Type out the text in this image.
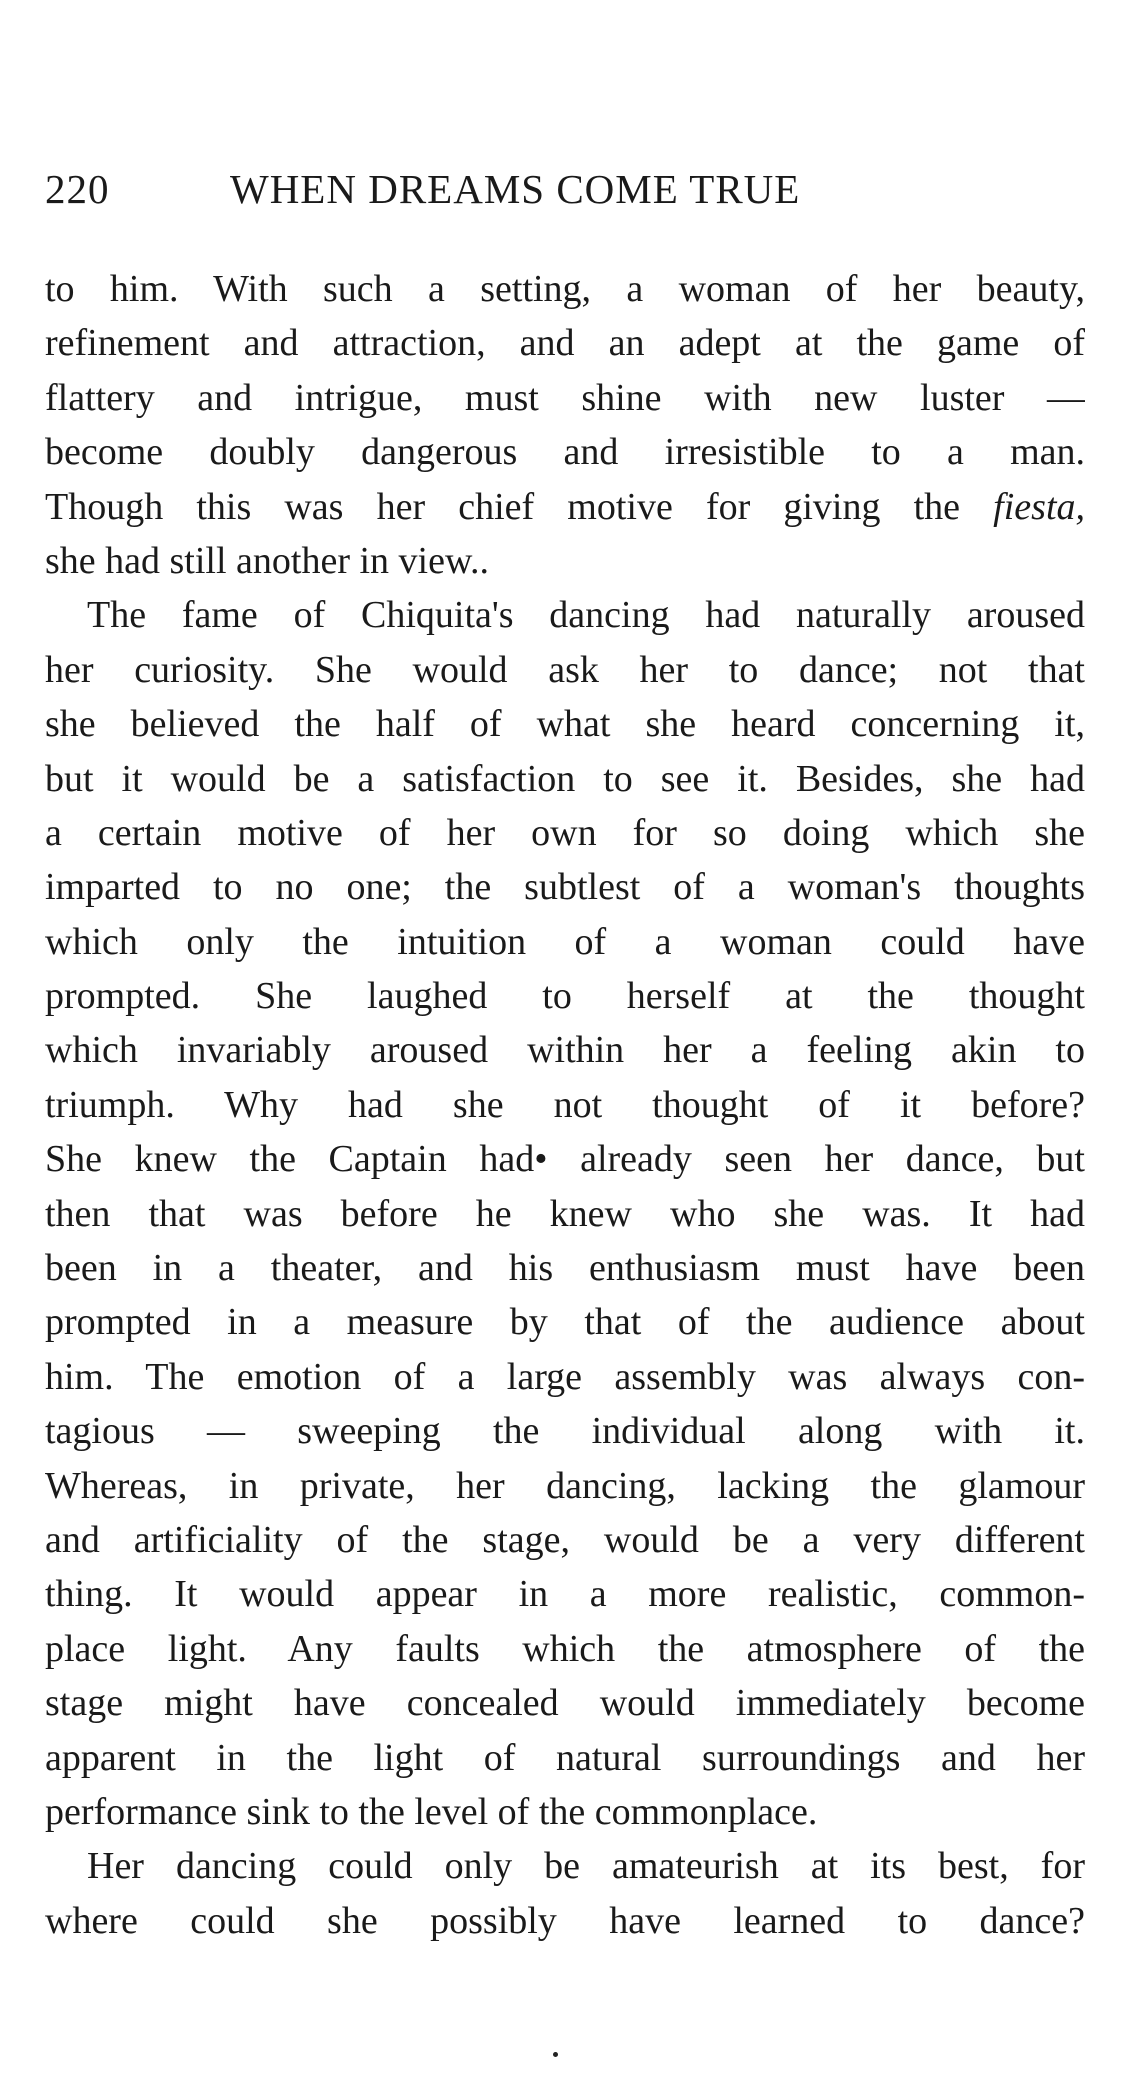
220	WHEN DREAMS COME TRUE
to him. With such a setting, a woman of her beauty,
refinement and attraction, and an adept at the game of
flattery and intrigue, must shine with new luster —
become doubly dangerous and irresistible to a man.
Though this was her chief motive for giving the fiesta,
she had still another in view..
The fame of Chiquita's dancing had naturally aroused
her curiosity. She would ask her to dance; not that
she believed the half of what she heard concerning it,
but it would be a satisfaction to see it. Besides, she had
a certain motive of her own for so doing which she
imparted to no one; the subtlest of a woman's thoughts
which only the intuition of a woman could have
prompted. She laughed to herself at the thought
which invariably aroused within her a feeling akin to
triumph. Why had she not thought of it before?
She knew the Captain had• already seen her dance, but
then that was before he knew who she was. It had
been in a theater, and his enthusiasm must have been
prompted in a measure by that of the audience about
him. The emotion of a large assembly was always con-
tagious — sweeping the individual along with it.
Whereas, in private, her dancing, lacking the glamour
and artificiality of the stage, would be a very different
thing. It would appear in a more realistic, common-
place light. Any faults which the atmosphere of the
stage might have concealed would immediately become
apparent in the light of natural surroundings and her
performance sink to the level of the commonplace.
Her dancing could only be amateurish at its best, for
where could she possibly have learned to dance?
